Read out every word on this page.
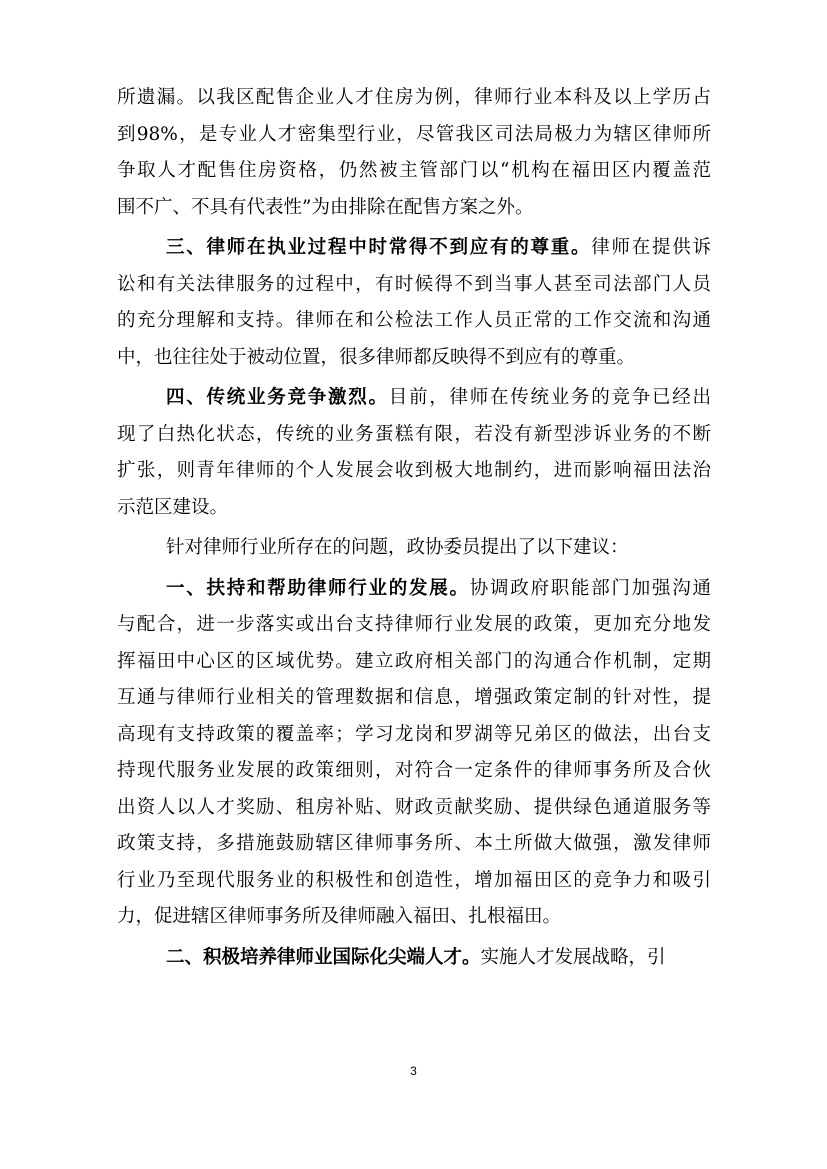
所遗漏。以我区配售企业人才住房为例，律师行业本科及以上学历占
到98%，是专业人才密集型行业，尽管我区司法局极力为辖区律师所
争取人才配售住房资格，仍然被主管部门以“机构在福田区内覆盖范
围不广、不具有代表性”为由排除在配售方案之外。
三、律师在执业过程中时常得不到应有的尊重。律师在提供诉
讼和有关法律服务的过程中，有时候得不到当事人甚至司法部门人员
的充分理解和支持。律师在和公检法工作人员正常的工作交流和沟通
中，也往往处于被动位置，很多律师都反映得不到应有的尊重。
四、传统业务竞争激烈。目前，律师在传统业务的竞争已经出
现了白热化状态，传统的业务蛋糕有限，若没有新型涉诉业务的不断
扩张，则青年律师的个人发展会收到极大地制约，进而影响福田法治
示范区建设。
针对律师行业所存在的问题，政协委员提出了以下建议：
一、扶持和帮助律师行业的发展。协调政府职能部门加强沟通
与配合，进一步落实或出台支持律师行业发展的政策，更加充分地发
挥福田中心区的区域优势。建立政府相关部门的沟通合作机制，定期
互通与律师行业相关的管理数据和信息，增强政策定制的针对性，提
高现有支持政策的覆盖率；学习龙岗和罗湖等兄弟区的做法，出台支
持现代服务业发展的政策细则，对符合一定条件的律师事务所及合伙
出资人以人才奖励、租房补贴、财政贡献奖励、提供绿色通道服务等
政策支持，多措施鼓励辖区律师事务所、本土所做大做强，激发律师
行业乃至现代服务业的积极性和创造性，增加福田区的竞争力和吸引
力，促进辖区律师事务所及律师融入福田、扎根福田。
二、积极培养律师业国际化尖端人才。实施人才发展战略，引
3
